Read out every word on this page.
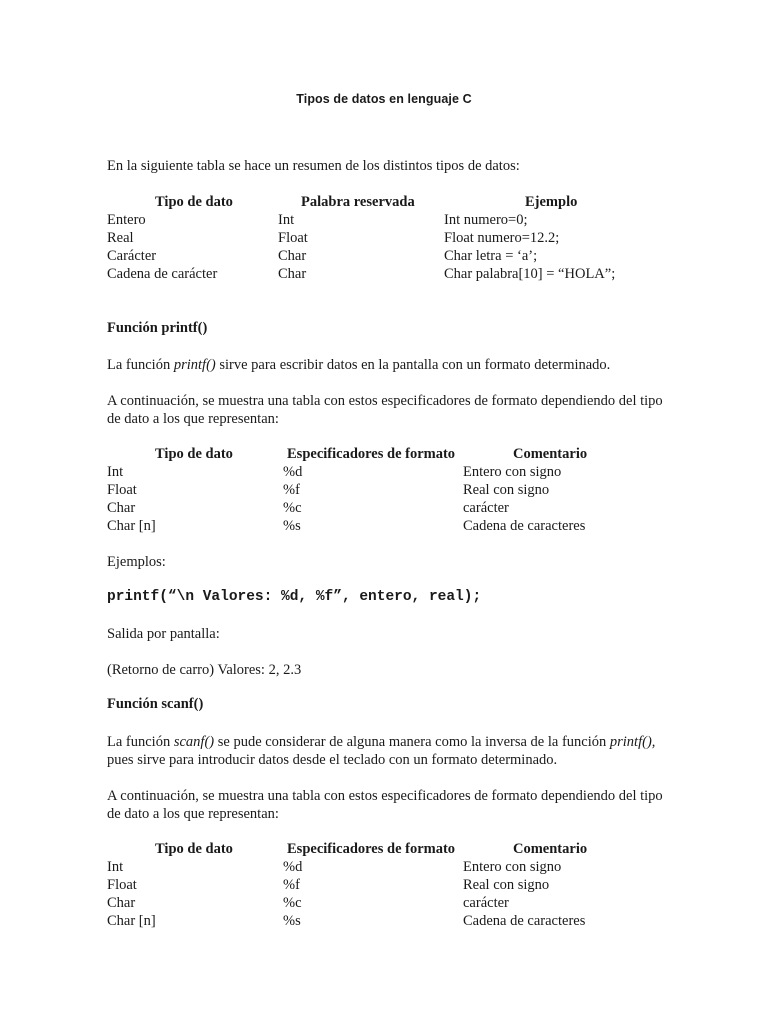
Tipos de datos en lenguaje C
En la siguiente tabla se hace un resumen de los distintos tipos de datos:
Tipo de dato	Palabra reservada	Ejemplo
Entero	Int	Int numero=0;
Real	Float	Float numero=12.2;
Carácter	Char	Char letra = ‘a’;
Cadena de carácter	Char	Char palabra[10] = “HOLA”;
Función printf()
La función printf() sirve para escribir datos en la pantalla con un formato determinado.
A continuación, se muestra una tabla con estos especificadores de formato dependiendo del tipo de dato a los que representan:
Tipo de dato	Especificadores de formato	Comentario
Int	%d	Entero con signo
Float	%f	Real con signo
Char	%c	carácter
Char [n]	%s	Cadena de caracteres
Ejemplos:
printf(“\n Valores: %d, %f”, entero, real);
Salida por pantalla:
(Retorno de carro) Valores: 2, 2.3
Función scanf()
La función scanf() se pude considerar de alguna manera como la inversa de la función printf(), pues sirve para introducir datos desde el teclado con un formato determinado.
A continuación, se muestra una tabla con estos especificadores de formato dependiendo del tipo de dato a los que representan:
Tipo de dato	Especificadores de formato	Comentario
Int	%d	Entero con signo
Float	%f	Real con signo
Char	%c	carácter
Char [n]	%s	Cadena de caracteres
